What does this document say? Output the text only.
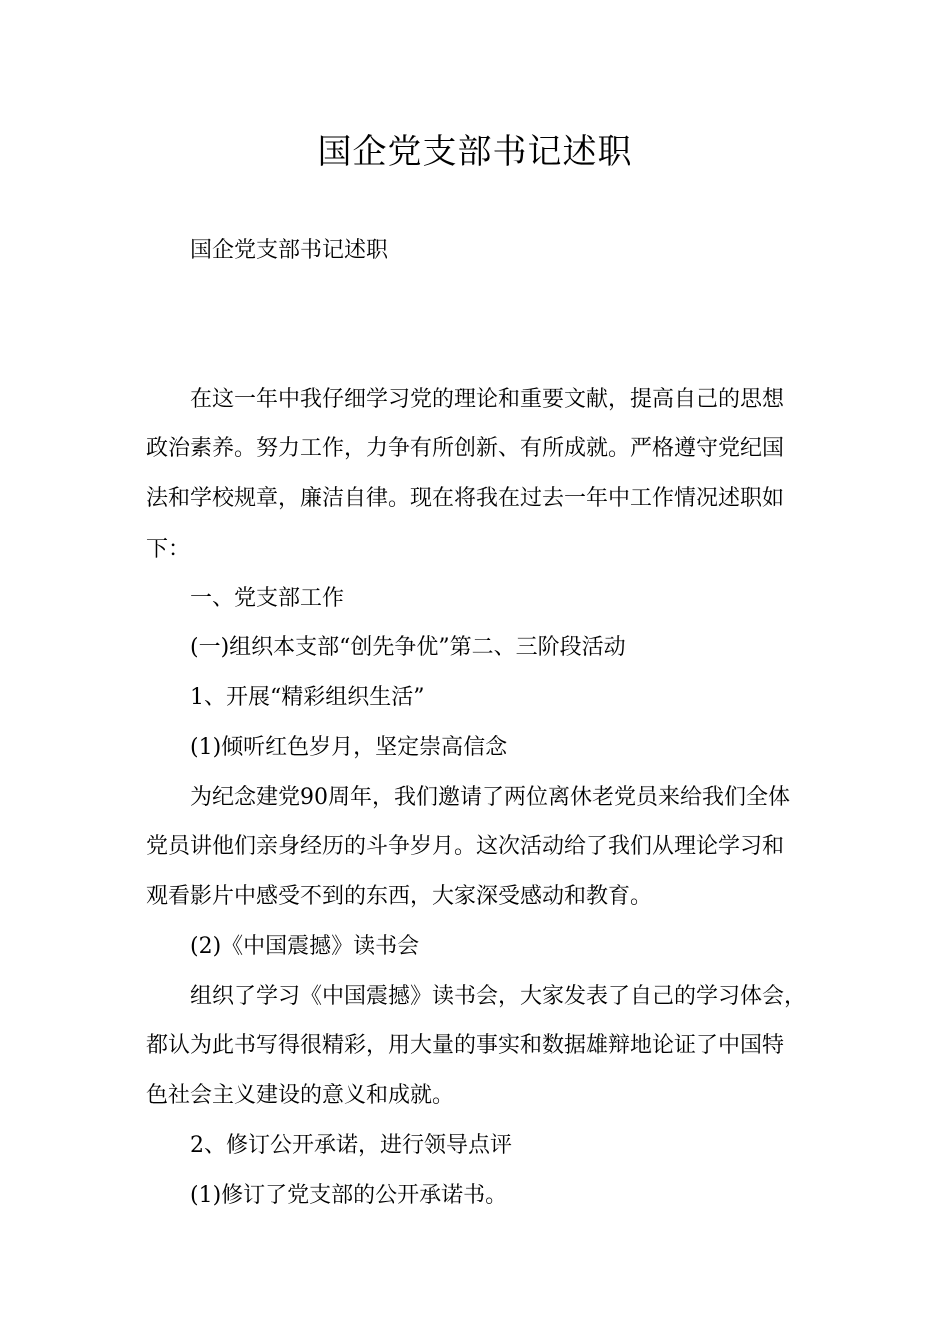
国企党支部书记述职
国企党支部书记述职
在这一年中我仔细学习党的理论和重要文献，提高自己的思想
政治素养。努力工作，力争有所创新、有所成就。严格遵守党纪国
法和学校规章，廉洁自律。现在将我在过去一年中工作情况述职如
下：
一、党支部工作
(一)组织本支部“创先争优”第二、三阶段活动
1、开展“精彩组织生活”
(1)倾听红色岁月，坚定崇高信念
为纪念建党90周年，我们邀请了两位离休老党员来给我们全体
党员讲他们亲身经历的斗争岁月。这次活动给了我们从理论学习和
观看影片中感受不到的东西，大家深受感动和教育。
(2)《中国震撼》读书会
组织了学习《中国震撼》读书会，大家发表了自己的学习体会，
都认为此书写得很精彩，用大量的事实和数据雄辩地论证了中国特
色社会主义建设的意义和成就。
2、修订公开承诺，进行领导点评
(1)修订了党支部的公开承诺书。
